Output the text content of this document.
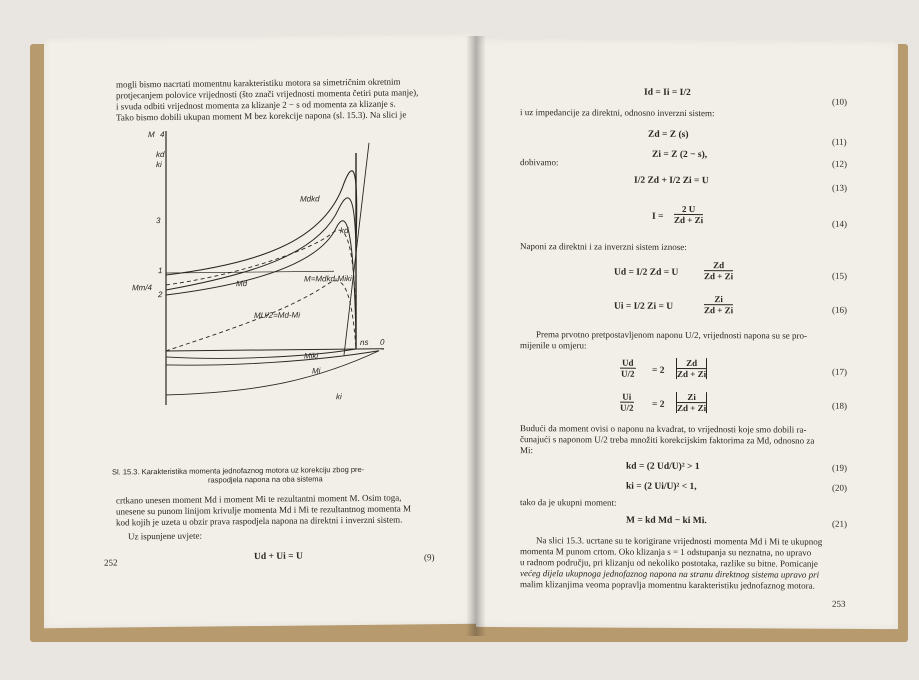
mogli bismo nacrtati momentnu karakteristiku motora sa simetričnim okretnim
protjecanjem polovice vrijednosti (što znači vrijednosti momenta četiri puta manje),
i svuda odbiti vrijednost momenta za klizanje 2 − s od momenta za klizanje s.
Tako bismo dobili ukupan moment M bez korekcije napona (sl. 15.3). Na slici je
M 4
kd
ki
3
Mm/4
2
1
Mdkd
kd
Md
M=Mdkd-Miki
MU/2=Md-Mi
ns 0
Miki
Mi
ki
Sl. 15.3. Karakteristika momenta jednofaznog motora uz korekciju zbog pre-
raspodjela napona na oba sistema
crtkano unesen moment Md i moment Mi te rezultantni moment M. Osim toga,
unesene su punom linijom krivulje momenta Md i Mi te rezultantnog momenta M
kod kojih je uzeta u obzir prava raspodjela napona na direktni i inverzni sistem.
Uz ispunjene uvjete:
Ud + Ui = U	(9)
252
Id = Ii = I/2
(10)
i uz impedancije za direktni, odnosno inverzni sistem:
Zd = Z (s)
(11)
Zi = Z (2 − s),
dobivamo:	(12)
I/2 Zd + I/2 Zi = U
(13)
$I = \frac{2 U}{Zd + Zi}$	(14)
Naponi za direktni i za inverzni sistem iznose:
Ud = I/2 Zd = U	$\frac{Zd}{Zd + Zi}$	(15)
Ui = I/2 Zi = U	$\frac{Zi}{Zd + Zi}$	(16)
Prema prvotno pretpostavljenom naponu U/2, vrijednosti napona su se pro-
mijenile u omjeru:
$\frac{Ud}{U/2} = 2 \frac{Zd}{Zd + Zi}$	(17)
$\frac{Ui}{U/2} = 2 \frac{Zi}{Zd + Zi}$	(18)
Budući da moment ovisi o naponu na kvadrat, to vrijednosti koje smo dobili ra-
čunajući s naponom U/2 treba množiti korekcijskim faktorima za Md, odnosno za
Mi:
kd = (2 Ud/U)² > 1	(19)
ki = (2 Ui/U)² < 1,	(20)
tako da je ukupni moment:
M = kd Md − ki Mi.	(21)
Na slici 15.3. ucrtane su te korigirane vrijednosti momenta Md i Mi te ukupnog
momenta M punom crtom. Oko klizanja s = 1 odstupanja su neznatna, no upravo
u radnom području, pri klizanju od nekoliko postotaka, razlike su bitne. Pomicanje
većeg dijela ukupnoga jednofaznog napona na stranu direktnog sistema upravo pri
malim klizanjima veoma popravlja momentnu karakteristiku jednofaznog motora.
253
